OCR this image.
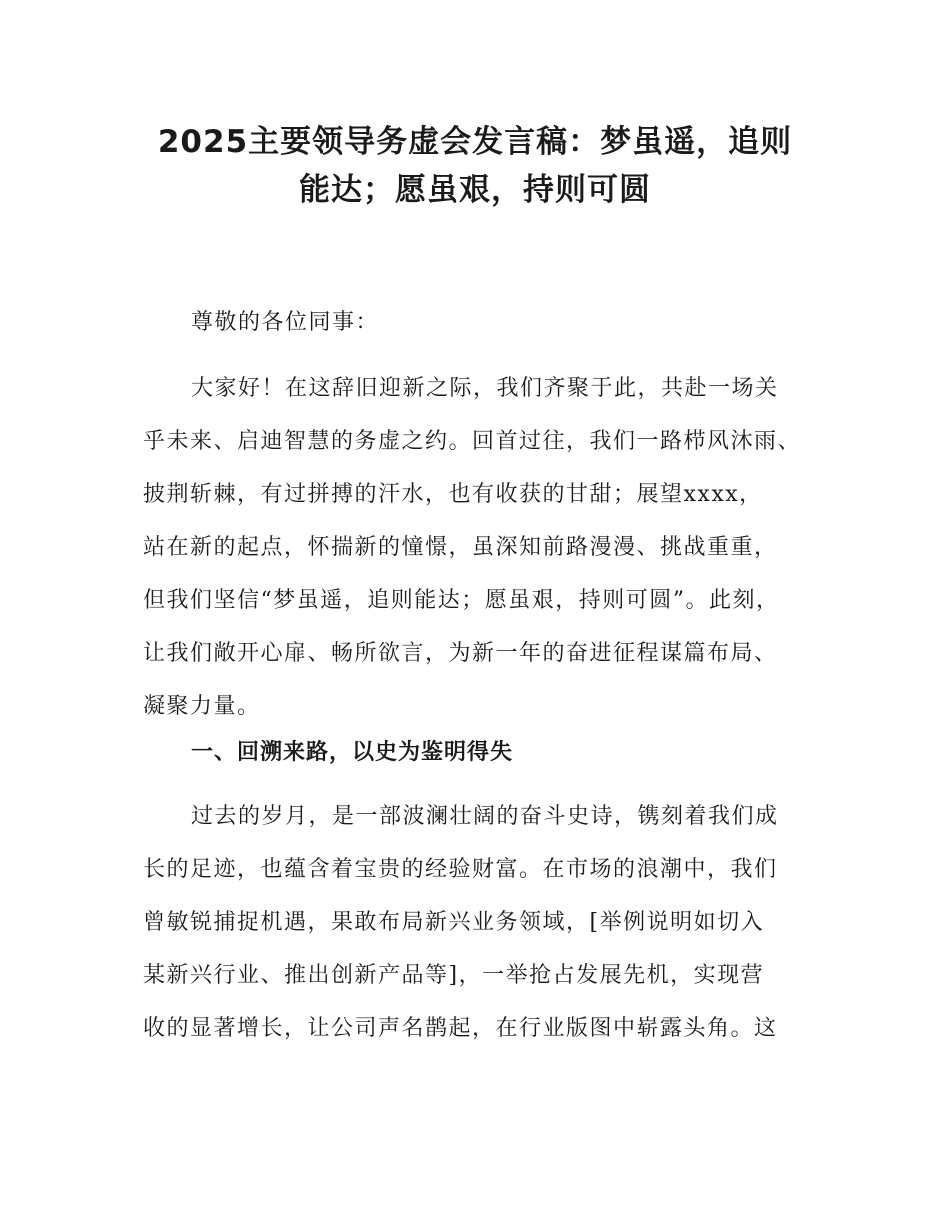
2025主要领导务虚会发言稿：梦虽遥，追则
能达；愿虽艰，持则可圆
尊敬的各位同事：
大家好！在这辞旧迎新之际，我们齐聚于此，共赴一场关
乎未来、启迪智慧的务虚之约。回首过往，我们一路栉风沐雨、
披荆斩棘，有过拼搏的汗水，也有收获的甘甜；展望xxxx，
站在新的起点，怀揣新的憧憬，虽深知前路漫漫、挑战重重，
但我们坚信“梦虽遥，追则能达；愿虽艰，持则可圆”。此刻，
让我们敞开心扉、畅所欲言，为新一年的奋进征程谋篇布局、
凝聚力量。
一、回溯来路，以史为鉴明得失
过去的岁月，是一部波澜壮阔的奋斗史诗，镌刻着我们成
长的足迹，也蕴含着宝贵的经验财富。在市场的浪潮中，我们
曾敏锐捕捉机遇，果敢布局新兴业务领域，[举例说明如切入
某新兴行业、推出创新产品等]，一举抢占发展先机，实现营
收的显著增长，让公司声名鹊起，在行业版图中崭露头角。这
